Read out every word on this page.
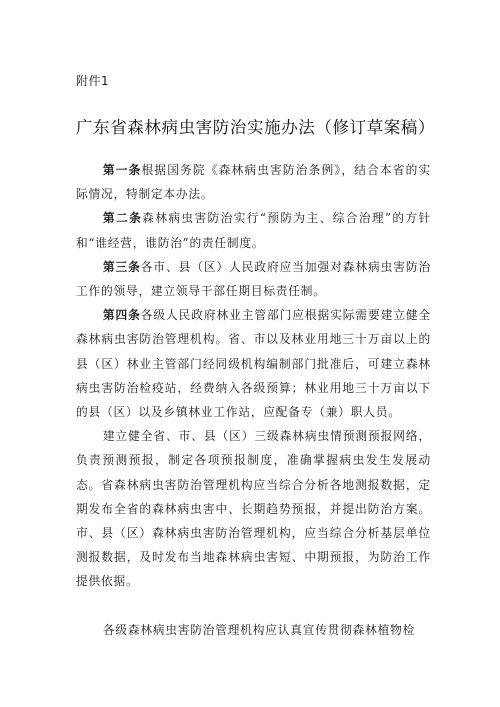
附件1
广东省森林病虫害防治实施办法（修订草案稿）

第一条根据国务院《森林病虫害防治条例》，结合本省的实际情况，特制定本办法。

第二条森林病虫害防治实行“预防为主、综合治理”的方针和“谁经营，谁防治”的责任制度。

第三条各市、县（区）人民政府应当加强对森林病虫害防治工作的领导，建立领导干部任期目标责任制。

第四条各级人民政府林业主管部门应根据实际需要建立健全森林病虫害防治管理机构。省、市以及林业用地三十万亩以上的县（区）林业主管部门经同级机构编制部门批准后，可建立森林病虫害防治检疫站，经费纳入各级预算；林业用地三十万亩以下的县（区）以及乡镇林业工作站，应配备专（兼）职人员。

建立健全省、市、县（区）三级森林病虫情预测预报网络，负责预测预报，制定各项预报制度，准确掌握病虫发生发展动态。省森林病虫害防治管理机构应当综合分析各地测报数据，定期发布全省的森林病虫害中、长期趋势预报，并提出防治方案。市、县（区）森林病虫害防治管理机构，应当综合分析基层单位测报数据，及时发布当地森林病虫害短、中期预报，为防治工作提供依据。

各级森林病虫害防治管理机构应认真宣传贯彻森林植物检
